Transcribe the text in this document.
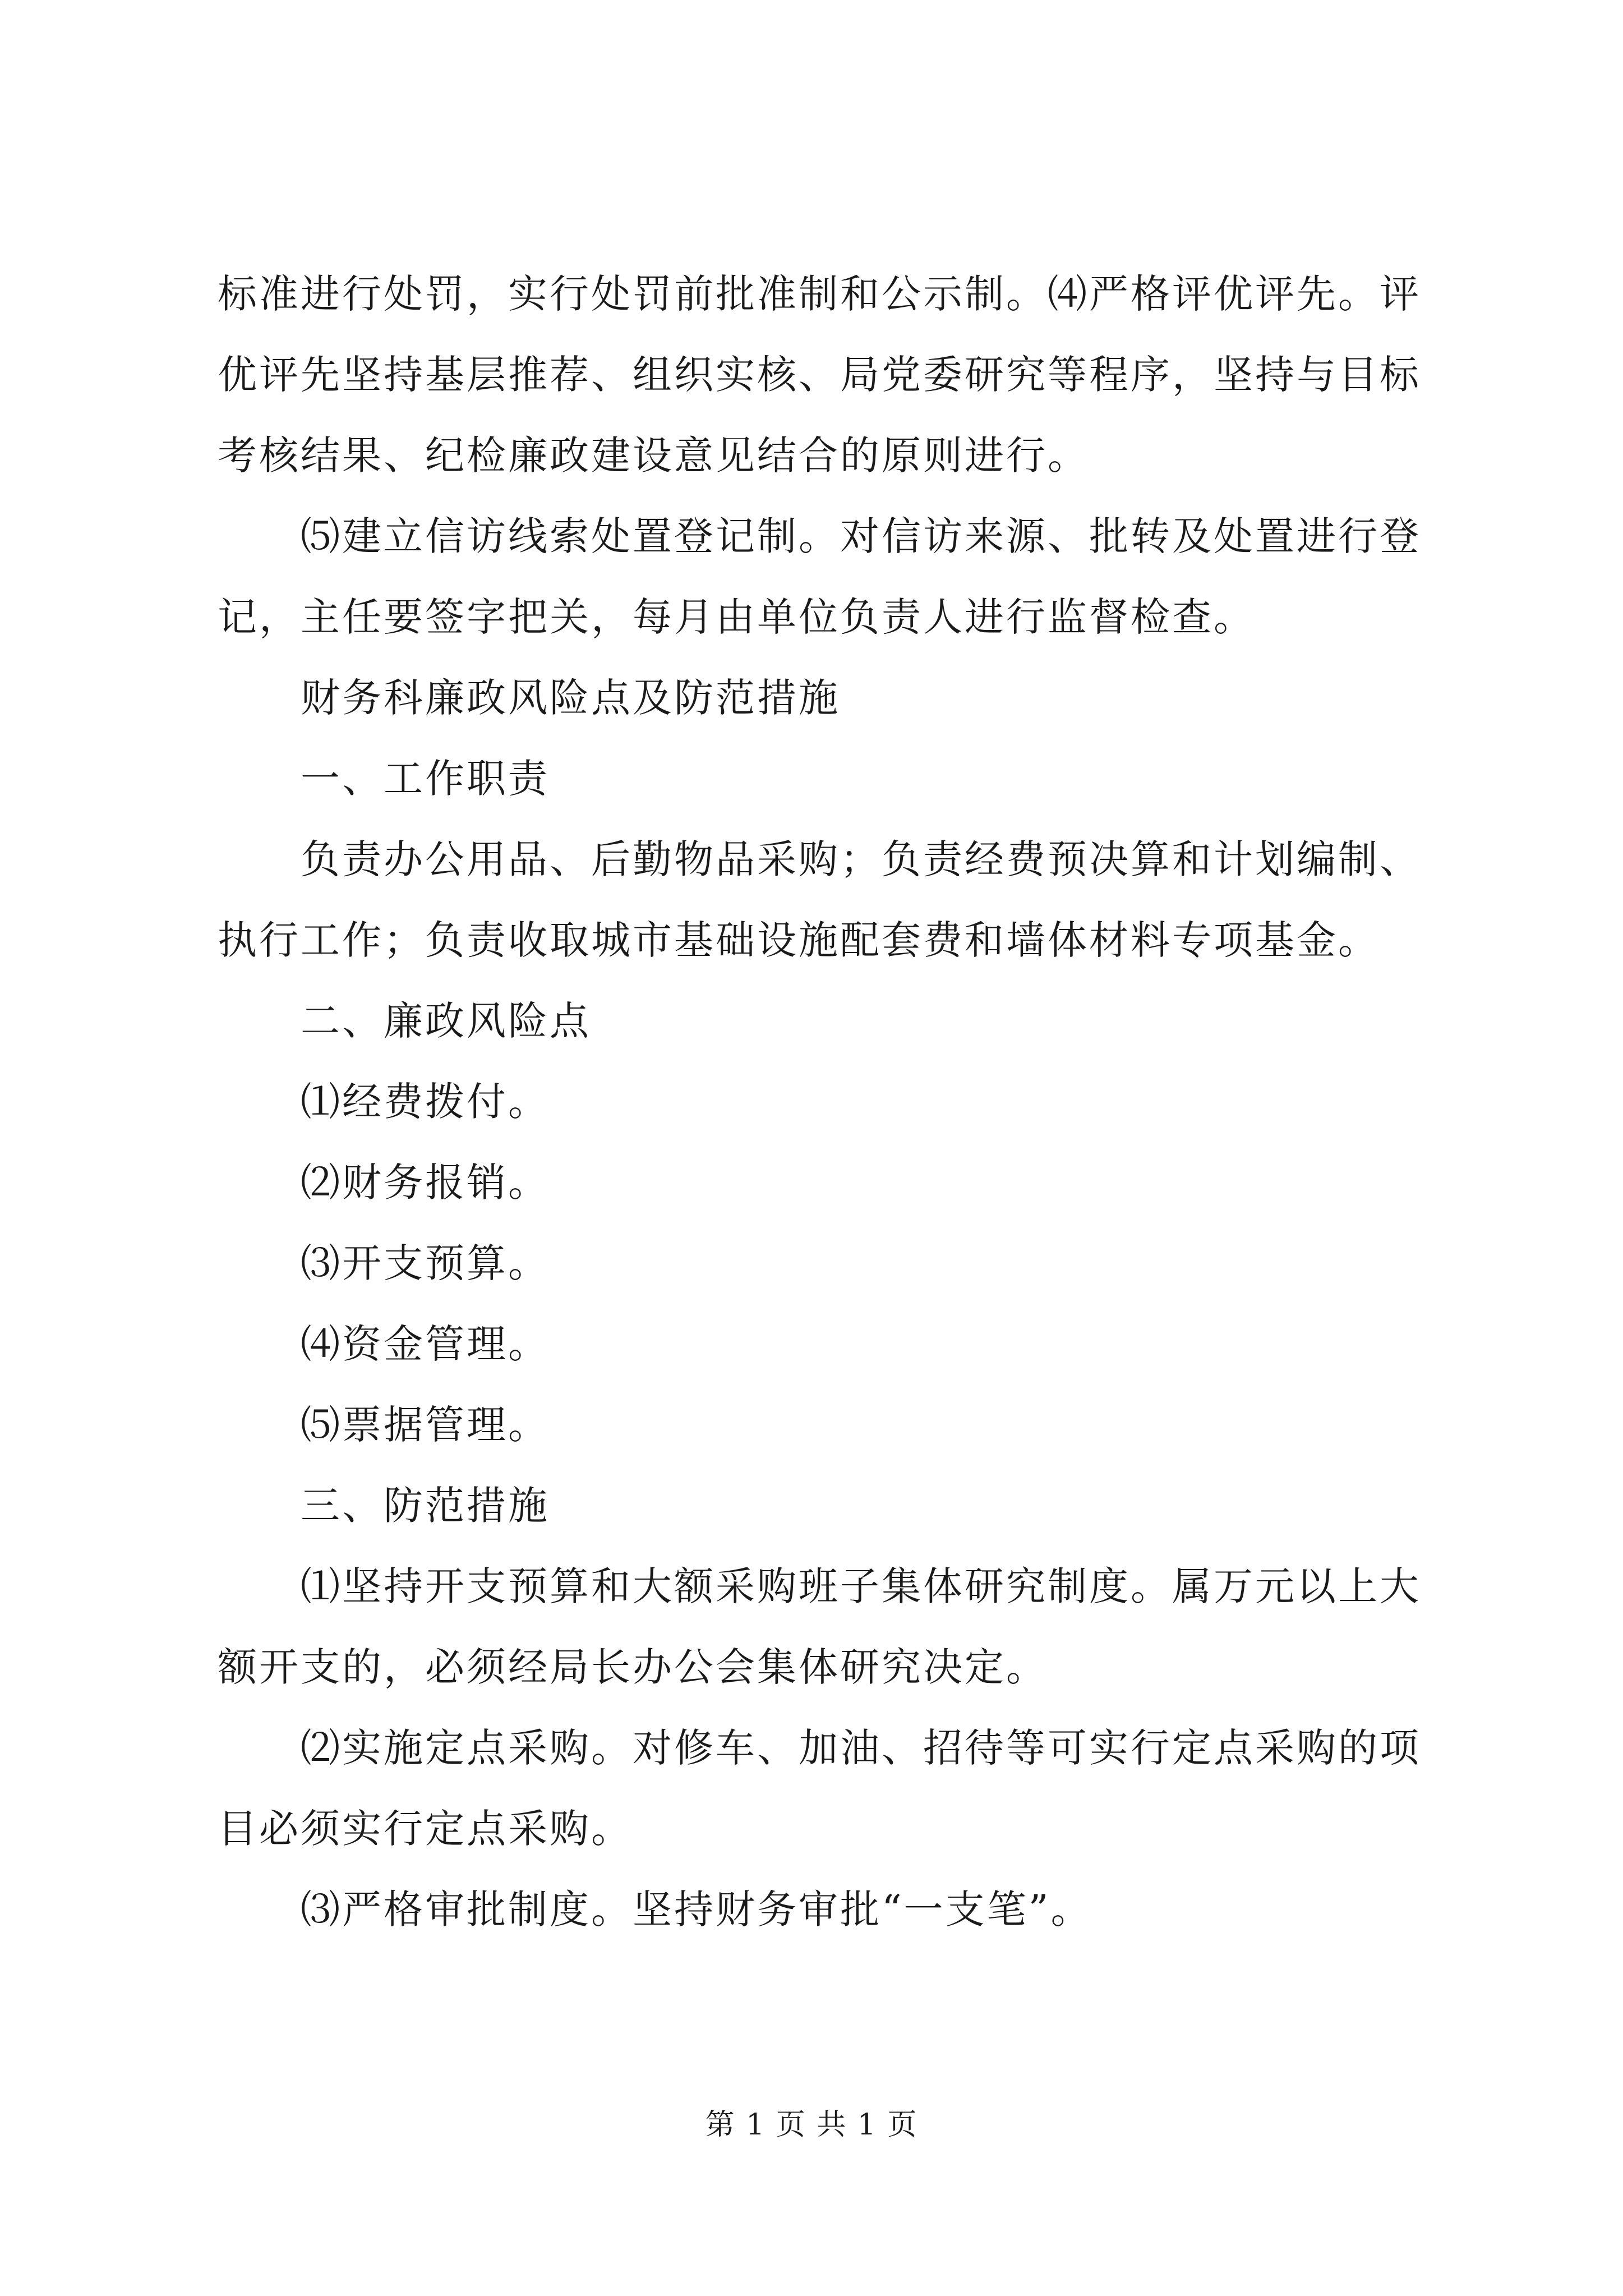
标准进行处罚，实行处罚前批准制和公示制。⑷严格评优评先。评优评先坚持基层推荐、组织实核、局党委研究等程序，坚持与目标考核结果、纪检廉政建设意见结合的原则进行。

⑸建立信访线索处置登记制。对信访来源、批转及处置进行登记，主任要签字把关，每月由单位负责人进行监督检查。

财务科廉政风险点及防范措施

一、工作职责

负责办公用品、后勤物品采购；负责经费预决算和计划编制、执行工作；负责收取城市基础设施配套费和墙体材料专项基金。

二、廉政风险点

⑴经费拨付。

⑵财务报销。

⑶开支预算。

⑷资金管理。

⑸票据管理。

三、防范措施

⑴坚持开支预算和大额采购班子集体研究制度。属万元以上大额开支的，必须经局长办公会集体研究决定。

⑵实施定点采购。对修车、加油、招待等可实行定点采购的项目必须实行定点采购。

⑶严格审批制度。坚持财务审批“一支笔”。

第 1 页 共 1 页
